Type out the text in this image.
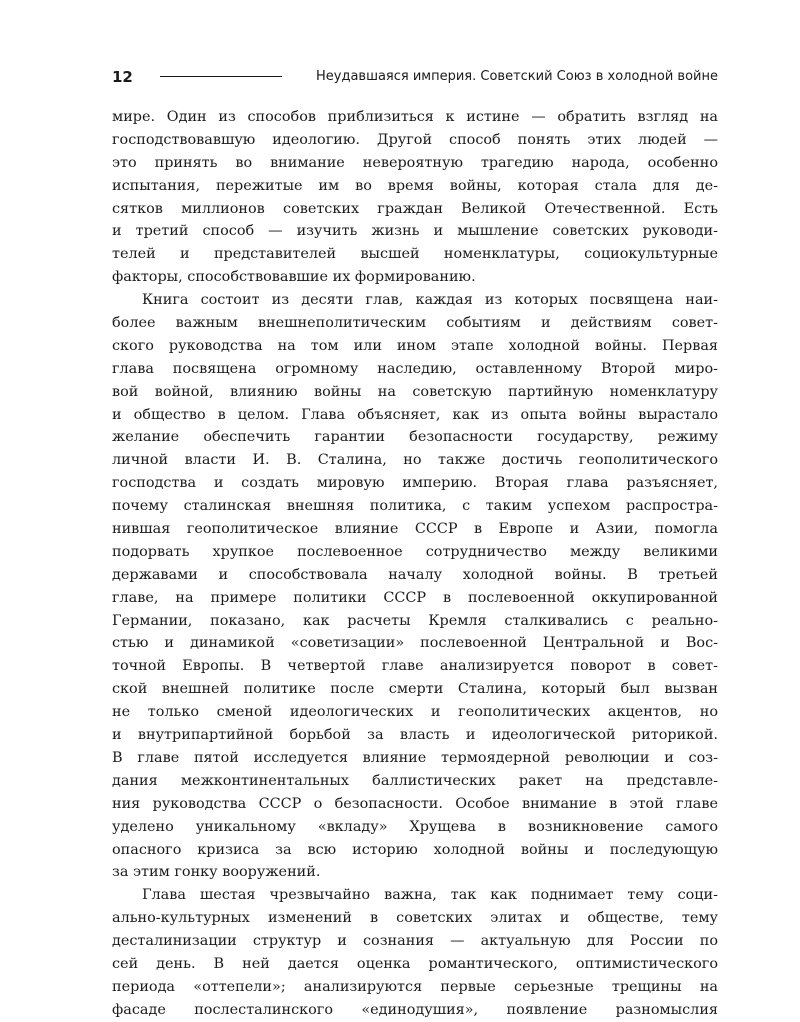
12	Неудавшаяся империя. Советский Союз в холодной войне
мире. Один из способов приблизиться к истине — обратить взгляд на
господствовавшую идеологию. Другой способ понять этих людей —
это принять во внимание невероятную трагедию народа, особенно
испытания, пережитые им во время войны, которая стала для де-
сятков миллионов советских граждан Великой Отечественной. Есть
и третий способ — изучить жизнь и мышление советских руководи-
телей и представителей высшей номенклатуры, социокультурные
факторы, способствовавшие их формированию.
Книга состоит из десяти глав, каждая из которых посвящена наи-
более важным внешнеполитическим событиям и действиям совет-
ского руководства на том или ином этапе холодной войны. Первая
глава посвящена огромному наследию, оставленному Второй миро-
вой войной, влиянию войны на советскую партийную номенклатуру
и общество в целом. Глава объясняет, как из опыта войны вырастало
желание обеспечить гарантии безопасности государству, режиму
личной власти И. В. Сталина, но также достичь геополитического
господства и создать мировую империю. Вторая глава разъясняет,
почему сталинская внешняя политика, с таким успехом распростра-
нившая геополитическое влияние СССР в Европе и Азии, помогла
подорвать хрупкое послевоенное сотрудничество между великими
державами и способствовала началу холодной войны. В третьей
главе, на примере политики СССР в послевоенной оккупированной
Германии, показано, как расчеты Кремля сталкивались с реально-
стью и динамикой «советизации» послевоенной Центральной и Вос-
точной Европы. В четвертой главе анализируется поворот в совет-
ской внешней политике после смерти Сталина, который был вызван
не только сменой идеологических и геополитических акцентов, но
и внутрипартийной борьбой за власть и идеологической риторикой.
В главе пятой исследуется влияние термоядерной революции и соз-
дания межконтинентальных баллистических ракет на представле-
ния руководства СССР о безопасности. Особое внимание в этой главе
уделено уникальному «вкладу» Хрущева в возникновение самого
опасного кризиса за всю историю холодной войны и последующую
за этим гонку вооружений.
Глава шестая чрезвычайно важна, так как поднимает тему соци-
ально-культурных изменений в советских элитах и обществе, тему
десталинизации структур и сознания — актуальную для России по
сей день. В ней дается оценка романтического, оптимистического
периода «оттепели»; анализируются первые серьезные трещины на
фасаде послесталинского «единодушия», появление разномыслия
